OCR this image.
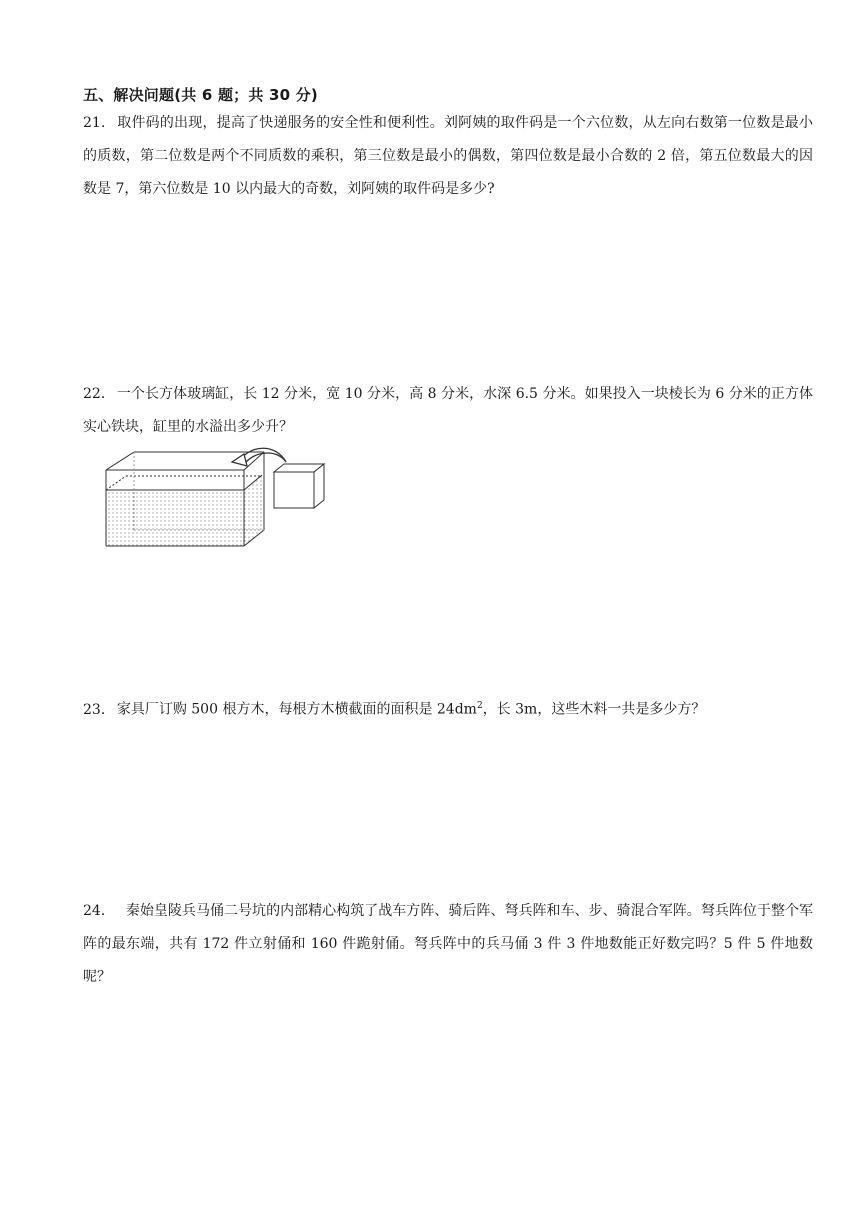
五、解决问题(共 6 题；共 30 分)
21． 取件码的出现，提高了快递服务的安全性和便利性。刘阿姨的取件码是一个六位数，从左向右数第一位数是最小的质数，第二位数是两个不同质数的乘积，第三位数是最小的偶数，第四位数是最小合数的 2 倍，第五位数最大的因数是 7，第六位数是 10 以内最大的奇数，刘阿姨的取件码是多少?
22． 一个长方体玻璃缸，长 12 分米，宽 10 分米，高 8 分米，水深 6.5 分米。如果投入一块棱长为 6 分米的正方体实心铁块，缸里的水溢出多少升？
23． 家具厂订购 500 根方木，每根方木横截面的面积是 $24dm^2$，长 3m，这些木料一共是多少方？
24．  秦始皇陵兵马俑二号坑的内部精心构筑了战车方阵、骑后阵、弩兵阵和车、步、骑混合军阵。弩兵阵位于整个军阵的最东端，共有 172 件立射俑和 160 件跪射俑。弩兵阵中的兵马俑 3 件 3 件地数能正好数完吗？5 件 5 件地数呢？
